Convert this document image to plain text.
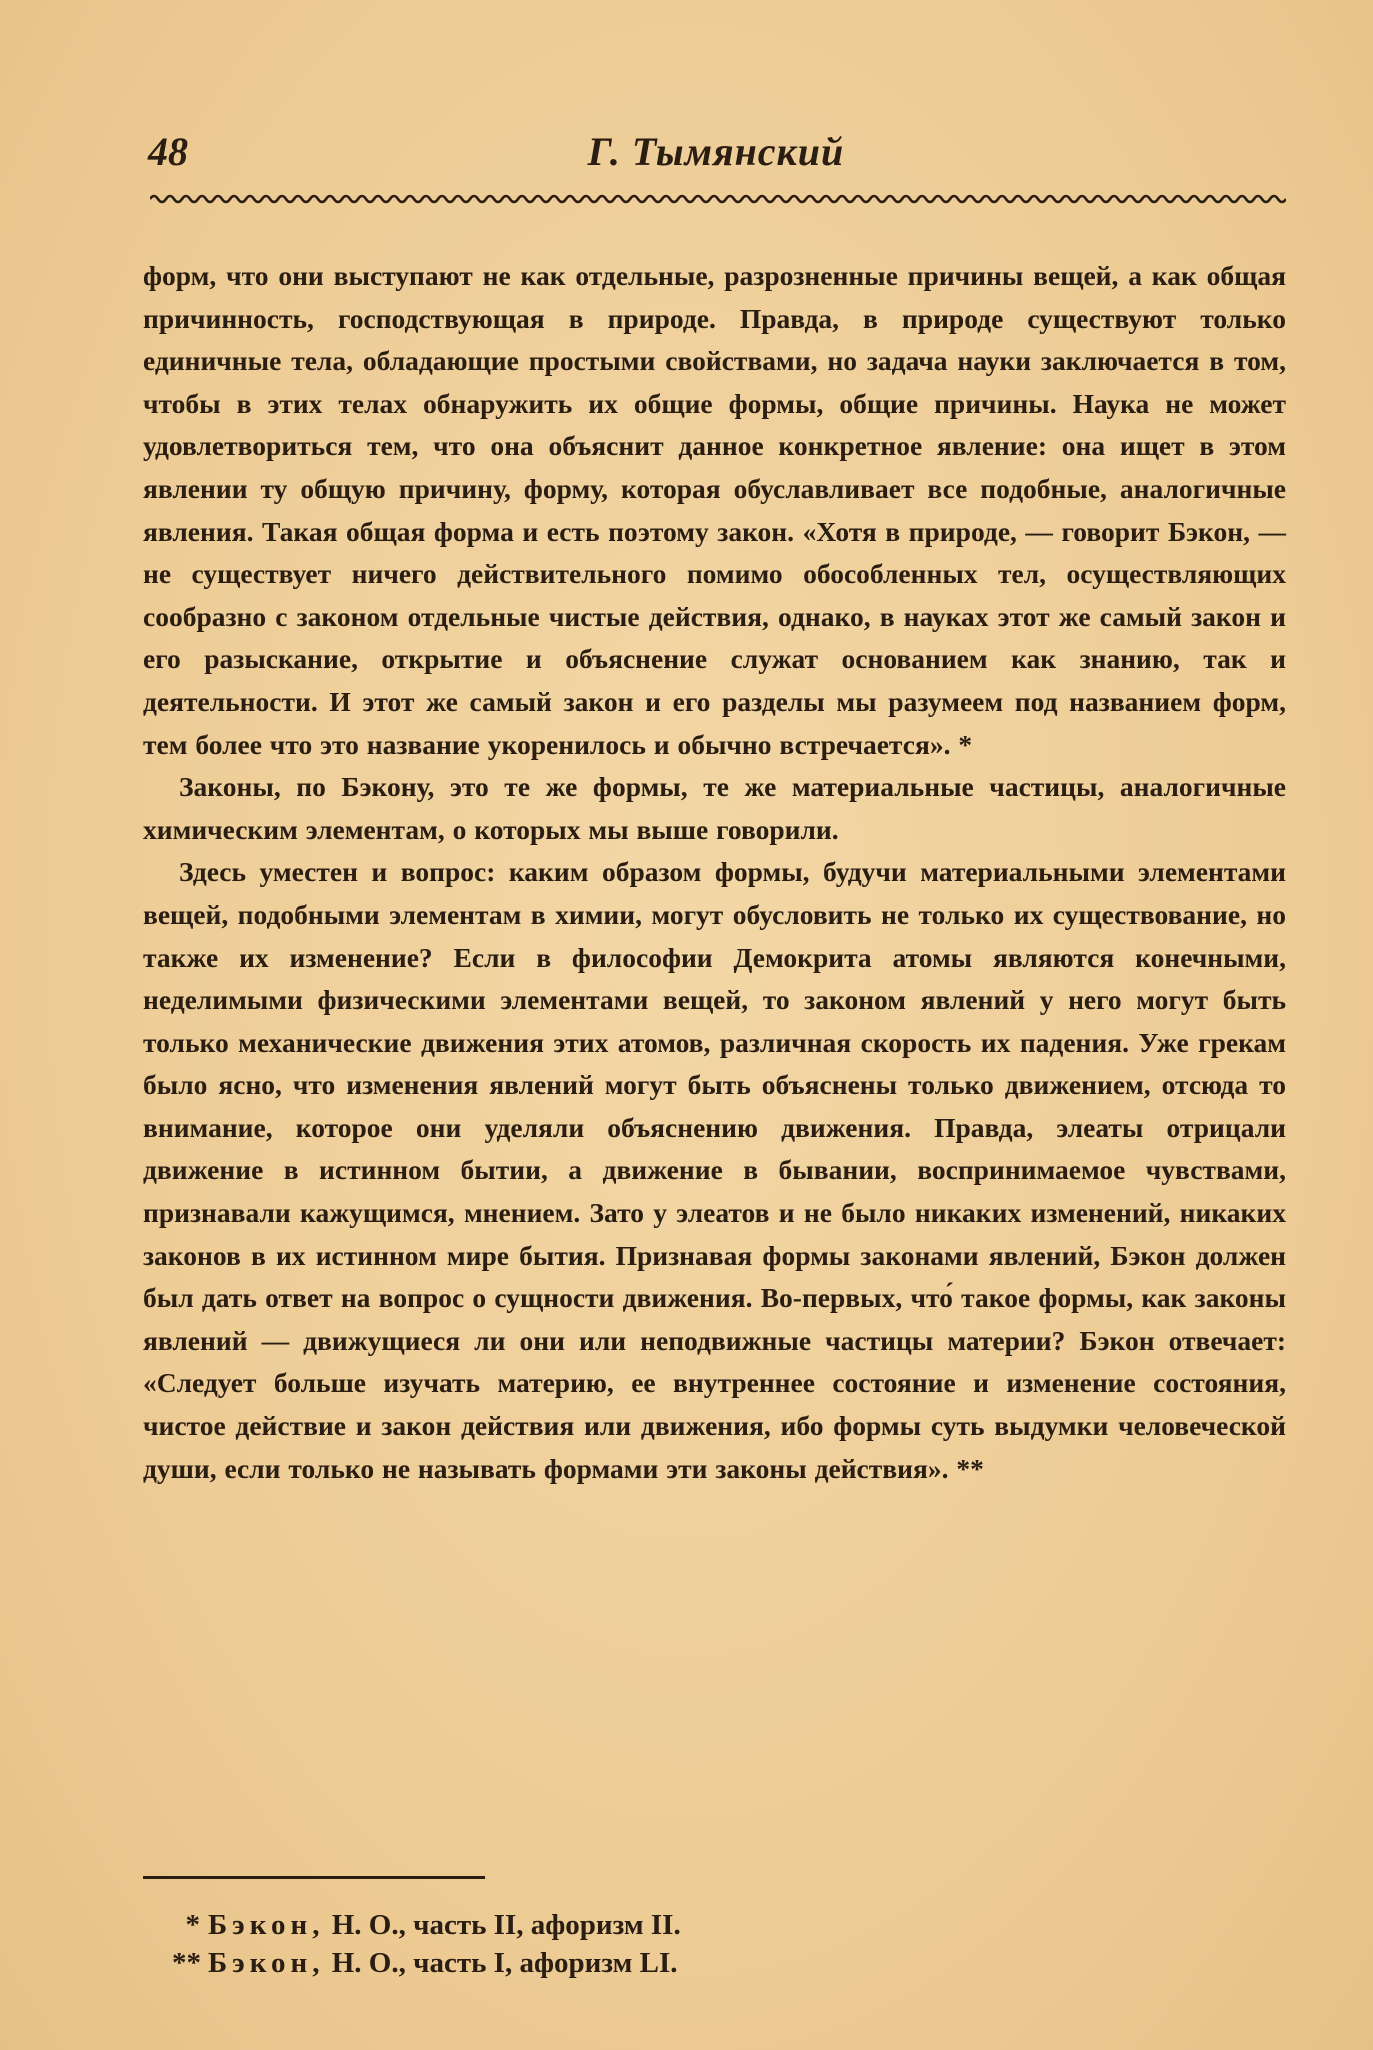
48	Г. Тымянский

форм, что они выступают не как отдельные, разрозненные причины вещей, а как общая причинность, господствующая в природе. Правда, в природе существуют только единичные тела, обладающие простыми свойствами, но задача науки заключается в том, чтобы в этих телах обнаружить их общие формы, общие причины. Наука не может удовлетвориться тем, что она объяснит данное конкретное явление: она ищет в этом явлении ту общую причину, форму, которая обуславливает все подобные, аналогичные явления. Такая общая форма и есть поэтому закон. «Хотя в природе, — говорит Бэкон, — не существует ничего действительного помимо обособленных тел, осуществляющих сообразно с законом отдельные чистые действия, однако, в науках этот же самый закон и его разыскание, открытие и объяснение служат основанием как знанию, так и деятельности. И этот же самый закон и его разделы мы разумеем под названием форм, тем более что это название укоренилось и обычно встречается». *

Законы, по Бэкону, это те же формы, те же материальные частицы, аналогичные химическим элементам, о которых мы выше говорили.

Здесь уместен и вопрос: каким образом формы, будучи материальными элементами вещей, подобными элементам в химии, могут обусловить не только их существование, но также их изменение? Если в философии Демокрита атомы являются конечными, неделимыми физическими элементами вещей, то законом явлений у него могут быть только механические движения этих атомов, различная скорость их падения. Уже грекам было ясно, что изменения явлений могут быть объяснены только движением, отсюда то внимание, которое они уделяли объяснению движения. Правда, элеаты отрицали движение в истинном бытии, а движение в бывании, воспринимаемое чувствами, признавали кажущимся, мнением. Зато у элеатов и не было никаких изменений, никаких законов в их истинном мире бытия. Признавая формы законами явлений, Бэкон должен был дать ответ на вопрос о сущности движения. Во-первых, что́ такое формы, как законы явлений — движущиеся ли они или неподвижные частицы материи? Бэкон отвечает: «Следует больше изучать материю, ее внутреннее состояние и изменение состояния, чистое действие и закон действия или движения, ибо формы суть выдумки человеческой души, если только не называть формами эти законы действия». **

* Бэкон, Н. О., часть II, афоризм II.
** Бэкон, Н. О., часть I, афоризм LI.
